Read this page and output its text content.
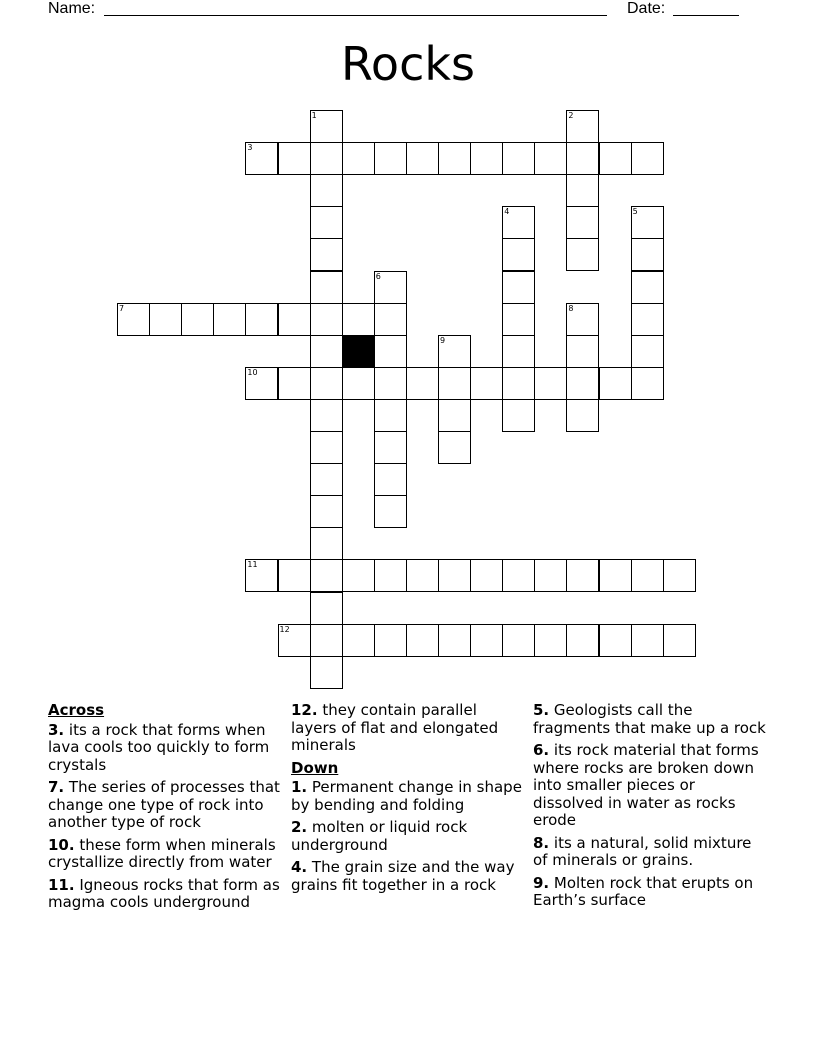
Name:	Date:
Rocks
3
7
10
11
12
1	2
4	5
6
8
9
Across
3. its a rock that forms when lava cools too quickly to form crystals
7. The series of processes that change one type of rock into another type of rock
10. these form when minerals crystallize directly from water
11. Igneous rocks that form as magma cools underground
12. they contain parallel layers of flat and elongated minerals
Down
1. Permanent change in shape by bending and folding
2. molten or liquid rock underground
4. The grain size and the way grains fit together in a rock
5. Geologists call the fragments that make up a rock
6. its rock material that forms where rocks are broken down into smaller pieces or dissolved in water as rocks erode
8. its a natural, solid mixture of minerals or grains.
9. Molten rock that erupts on Earth’s surface
